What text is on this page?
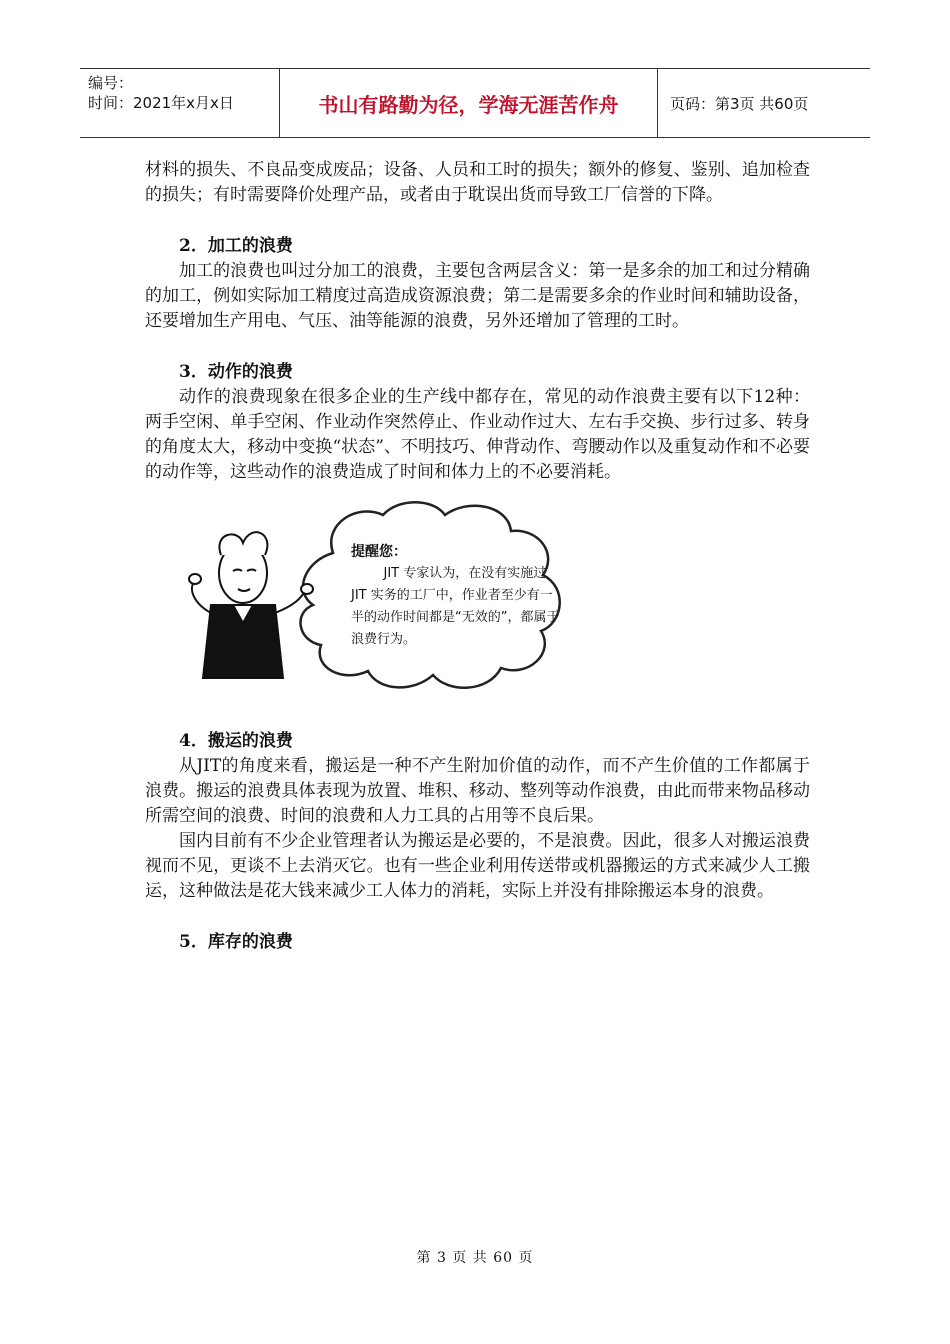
编号：
时间：2021年x月x日	书山有路勤为径，学海无涯苦作舟	页码：第3页 共60页

材料的损失、不良品变成废品；设备、人员和工时的损失；额外的修复、鉴别、追加检查的损失；有时需要降价处理产品，或者由于耽误出货而导致工厂信誉的下降。

2．加工的浪费

加工的浪费也叫过分加工的浪费，主要包含两层含义：第一是多余的加工和过分精确的加工，例如实际加工精度过高造成资源浪费；第二是需要多余的作业时间和辅助设备，还要增加生产用电、气压、油等能源的浪费，另外还增加了管理的工时。

3．动作的浪费

动作的浪费现象在很多企业的生产线中都存在，常见的动作浪费主要有以下12种：两手空闲、单手空闲、作业动作突然停止、作业动作过大、左右手交换、步行过多、转身的角度太大，移动中变换“状态”、不明技巧、伸背动作、弯腰动作以及重复动作和不必要的动作等，这些动作的浪费造成了时间和体力上的不必要消耗。

提醒您：
JIT 专家认为，在没有实施过 JIT 实务的工厂中，作业者至少有一半的动作时间都是“无效的”，都属于浪费行为。

4．搬运的浪费

从JIT的角度来看，搬运是一种不产生附加价值的动作，而不产生价值的工作都属于浪费。搬运的浪费具体表现为放置、堆积、移动、整列等动作浪费，由此而带来物品移动所需空间的浪费、时间的浪费和人力工具的占用等不良后果。

国内目前有不少企业管理者认为搬运是必要的，不是浪费。因此，很多人对搬运浪费视而不见，更谈不上去消灭它。也有一些企业利用传送带或机器搬运的方式来减少人工搬运，这种做法是花大钱来减少工人体力的消耗，实际上并没有排除搬运本身的浪费。

5．库存的浪费

第 3 页 共 60 页
